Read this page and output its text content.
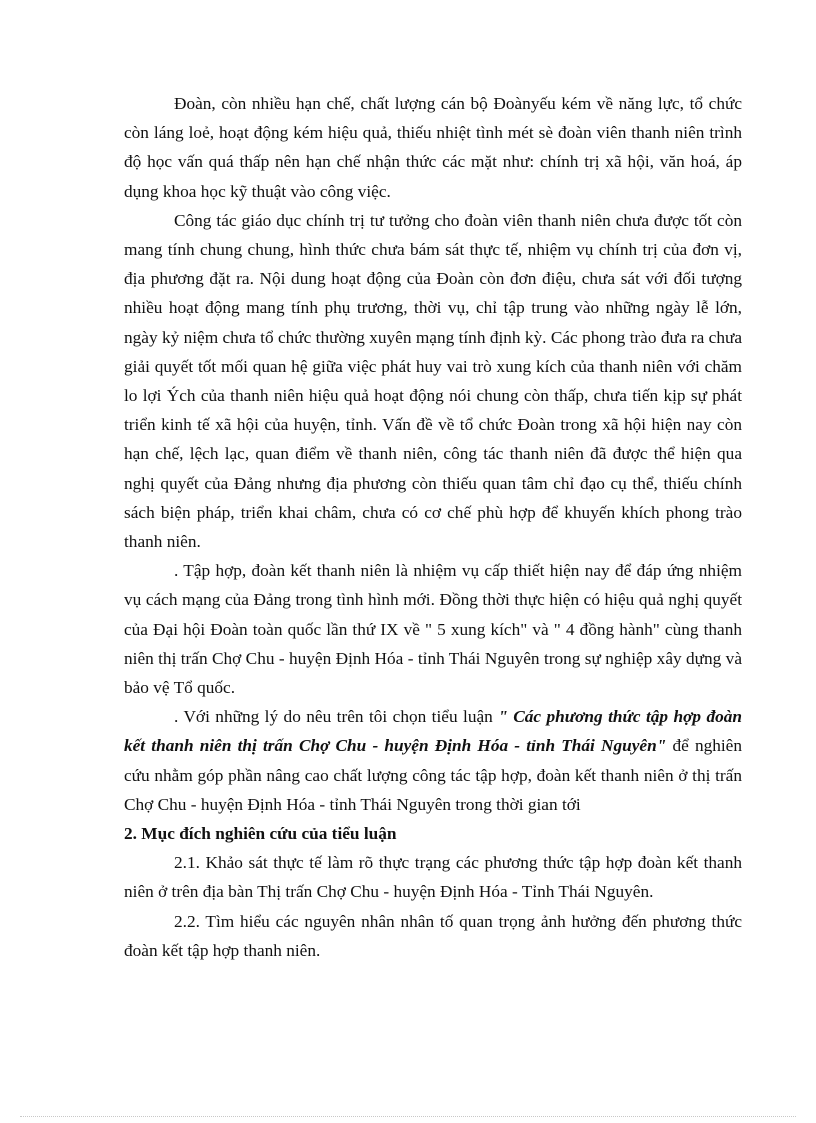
Đoàn, còn nhiều hạn chế, chất lượng cán bộ Đoànyếu kém về năng lực, tổ chức còn láng loẻ, hoạt động kém hiệu quả, thiếu nhiệt tình mét sè đoàn viên thanh niên trình độ học vấn quá thấp nên hạn chế nhận thức các mặt như: chính trị xã hội, văn hoá, áp dụng khoa học kỹ thuật vào công việc.

Công tác giáo dục chính trị tư tưởng cho đoàn viên thanh niên chưa được tốt còn mang tính chung chung, hình thức chưa bám sát thực tế, nhiệm vụ chính trị của đơn vị, địa phương đặt ra. Nội dung hoạt động của Đoàn còn đơn điệu, chưa sát với đối tượng nhiều hoạt động mang tính phụ trương, thời vụ, chỉ tập trung vào những ngày lễ lớn, ngày kỷ niệm chưa tổ chức thường xuyên mạng tính định kỳ. Các phong trào đưa ra chưa giải quyết tốt mối quan hệ giữa việc phát huy vai trò xung kích của thanh niên với chăm lo lợi Ých của thanh niên hiệu quả hoạt động nói chung còn thấp, chưa tiến kịp sự phát triển kinh tế xã hội của huyện, tỉnh. Vấn đề về tổ chức Đoàn trong xã hội hiện nay còn hạn chế, lệch lạc, quan điểm về thanh niên, công tác thanh niên đã được thể hiện qua nghị quyết của Đảng nhưng địa phương còn thiếu quan tâm chỉ đạo cụ thể, thiếu chính sách biện pháp, triển khai châm, chưa có cơ chế phù hợp để khuyến khích phong trào thanh niên.

. Tập hợp, đoàn kết thanh niên là nhiệm vụ cấp thiết hiện nay để đáp ứng nhiệm vụ cách mạng của Đảng trong tình hình mới. Đồng thời thực hiện có hiệu quả nghị quyết của Đại hội Đoàn toàn quốc lần thứ IX về " 5 xung kích" và " 4 đồng hành" cùng thanh niên thị trấn Chợ Chu - huyện Định Hóa - tỉnh Thái Nguyên trong sự nghiệp xây dựng và bảo vệ Tổ quốc.

. Với những lý do nêu trên tôi chọn tiểu luận " Các phương thức tập hợp đoàn kết thanh niên thị trấn Chợ Chu - huyện Định Hóa - tỉnh Thái Nguyên" để nghiên cứu nhằm góp phần nâng cao chất lượng công tác tập hợp, đoàn kết thanh niên ở thị trấn Chợ Chu - huyện Định Hóa - tỉnh Thái Nguyên trong thời gian tới

2. Mục đích nghiên cứu của tiểu luận

2.1. Khảo sát thực tế làm rõ thực trạng các phương thức tập hợp đoàn kết thanh niên ở trên địa bàn Thị trấn Chợ Chu - huyện Định Hóa - Tỉnh Thái Nguyên.

2.2. Tìm hiểu các nguyên nhân nhân tố quan trọng ảnh hưởng đến phương thức đoàn kết tập hợp thanh niên.
